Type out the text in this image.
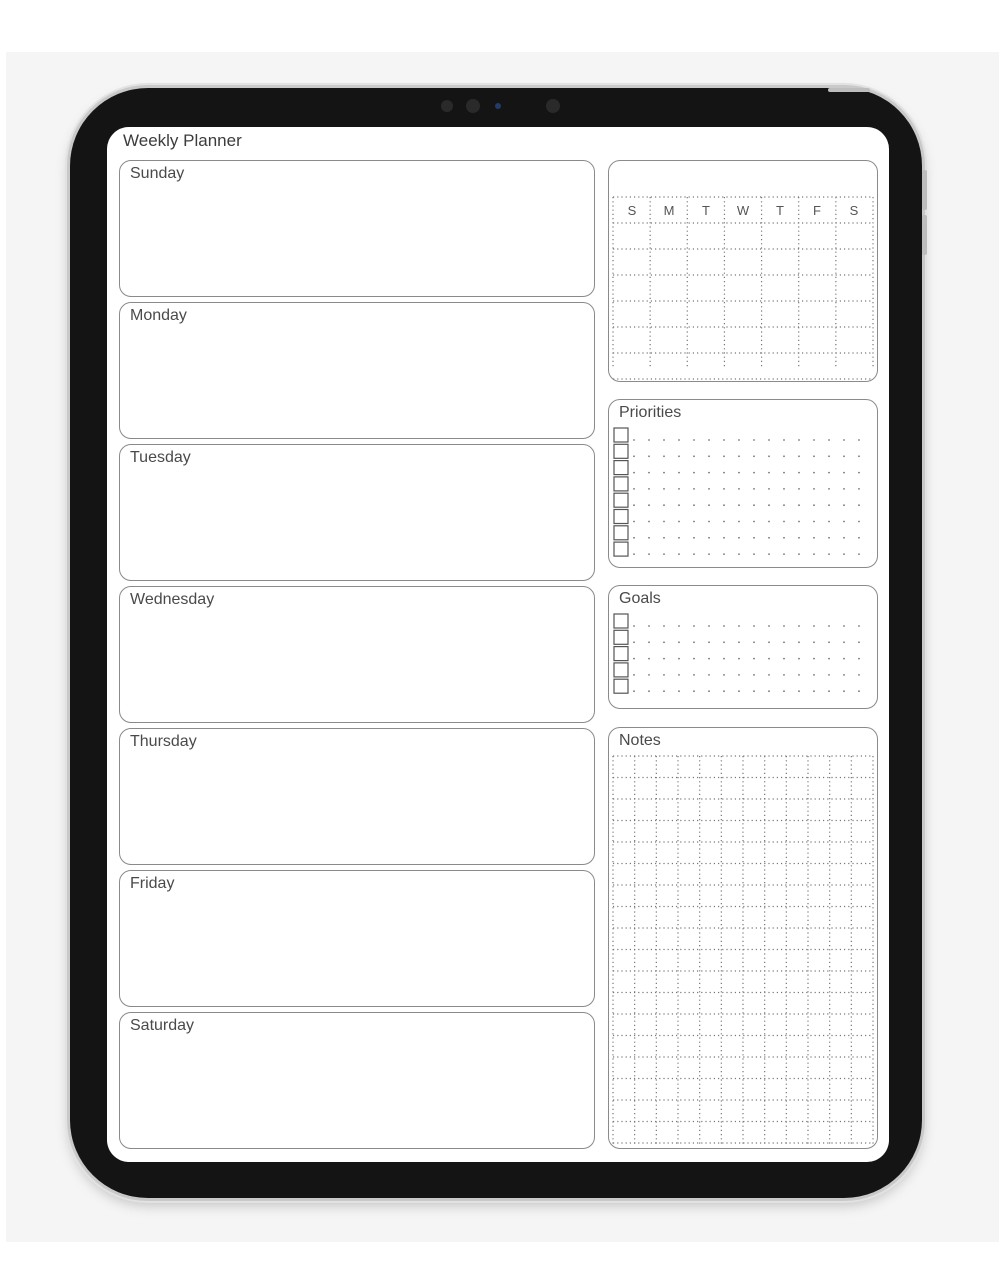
Weekly Planner
Sunday
Monday
Tuesday
Wednesday
Thursday
Friday
Saturday
S	M	T	W	T	F	S
Priorities
Goals
Notes
